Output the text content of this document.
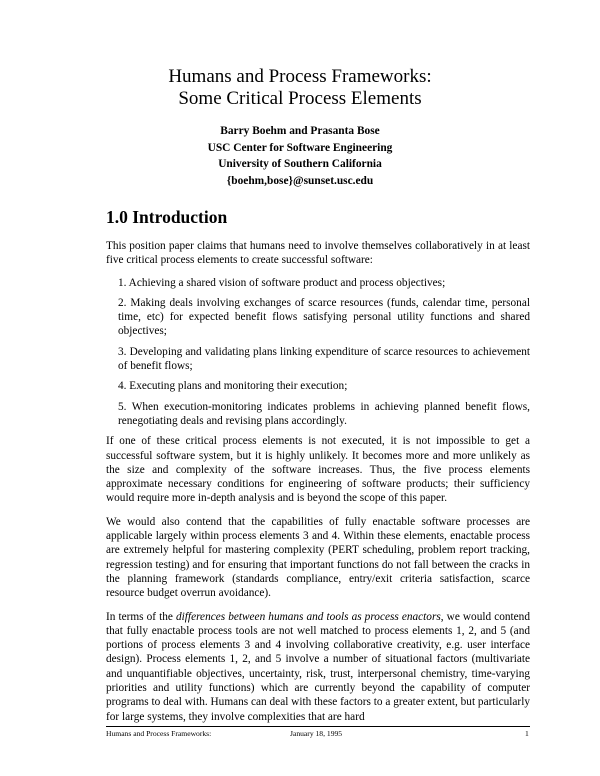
Humans and Process Frameworks:
Some Critical Process Elements
Barry Boehm and Prasanta Bose
USC Center for Software Engineering
University of Southern California
{boehm,bose}@sunset.usc.edu
1.0 Introduction

This position paper claims that humans need to involve themselves collaboratively in at least five critical process elements to create successful software:

1. Achieving a shared vision of software product and process objectives;

2. Making deals involving exchanges of scarce resources (funds, calendar time, personal time, etc) for expected benefit flows satisfying personal utility functions and shared objectives;

3. Developing and validating plans linking expenditure of scarce resources to achievement of benefit flows;

4. Executing plans and monitoring their execution;

5. When execution-monitoring indicates problems in achieving planned benefit flows, renegotiating deals and revising plans accordingly.

If one of these critical process elements is not executed, it is not impossible to get a successful software system, but it is highly unlikely. It becomes more and more unlikely as the size and complexity of the software increases. Thus, the five process elements approximate necessary conditions for engineering of software products; their sufficiency would require more in-depth analysis and is beyond the scope of this paper.

We would also contend that the capabilities of fully enactable software processes are applicable largely within process elements 3 and 4. Within these elements, enactable process are extremely helpful for mastering complexity (PERT scheduling, problem report tracking, regression testing) and for ensuring that important functions do not fall between the cracks in the planning framework (standards compliance, entry/exit criteria satisfaction, scarce resource budget overrun avoidance).

In terms of the differences between humans and tools as process enactors, we would contend that fully enactable process tools are not well matched to process elements 1, 2, and 5 (and portions of process elements 3 and 4 involving collaborative creativity, e.g. user interface design). Process elements 1, 2, and 5 involve a number of situational factors (multivariate and unquantifiable objectives, uncertainty, risk, trust, interpersonal chemistry, time-varying priorities and utility functions) which are currently beyond the capability of computer programs to deal with. Humans can deal with these factors to a greater extent, but particularly for large systems, they involve complexities that are hard

Humans and Process Frameworks:	January 18, 1995	1
